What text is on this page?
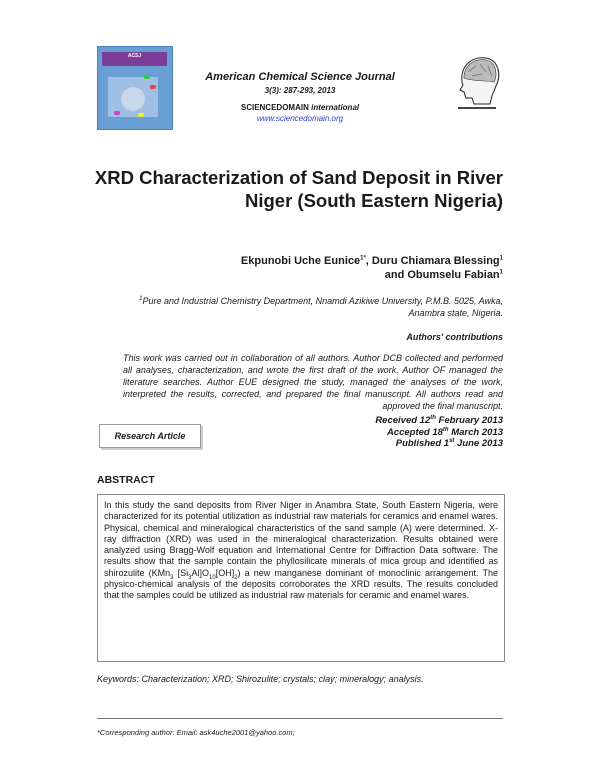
ACSJ
American Chemical Science Journal
3(3): 287-293, 2013
SCIENCEDOMAIN international
www.sciencedomain.org
XRD Characterization of Sand Deposit in River
Niger (South Eastern Nigeria)
Ekpunobi Uche Eunice$^{1*}$, Duru Chiamara Blessing$^1$
and Obumselu Fabian$^1$
$^1$Pure and Industrial Chemistry Department, Nnamdi Azikiwe University, P.M.B. 5025, Awka,
Anambra state, Nigeria.
Authors' contributions
This work was carried out in collaboration of all authors. Author DCB collected and performed all analyses, characterization, and wrote the first draft of the work. Author OF managed the literature searches. Author EUE designed the study, managed the analyses of the work, interpreted the results, corrected, and prepared the final manuscript. All authors read and approved the final manuscript.
Research Article
Received 12th February 2013
Accepted 18th March 2013
Published 1st June 2013
ABSTRACT
In this study the sand deposits from River Niger in Anambra State, South Eastern Nigeria, were characterized for its potential utilization as industrial raw materials for ceramics and enamel wares. Physical, chemical and mineralogical characteristics of the sand sample (A) were determined. X-ray diffraction (XRD) was used in the mineralogical characterization. Results obtained were analyzed using Bragg-Wolf equation and International Centre for Diffraction Data software. The results show that the sample contain the phyllosilicate minerals of mica group and identified as shirozulite (KMn$_3$ $[Si_3Al]O_{10}[OH]_2$) a new manganese dominant of monoclinic arrangement. The physico-chemical analysis of the deposits corroborates the XRD results. The results concluded that the samples could be utilized as industrial raw materials for ceramic and enamel wares.
Keywords: Characterization; XRD; Shirozulite; crystals; clay; mineralogy; analysis.
*Corresponding author: Email: ask4uche2001@yahoo.com;
